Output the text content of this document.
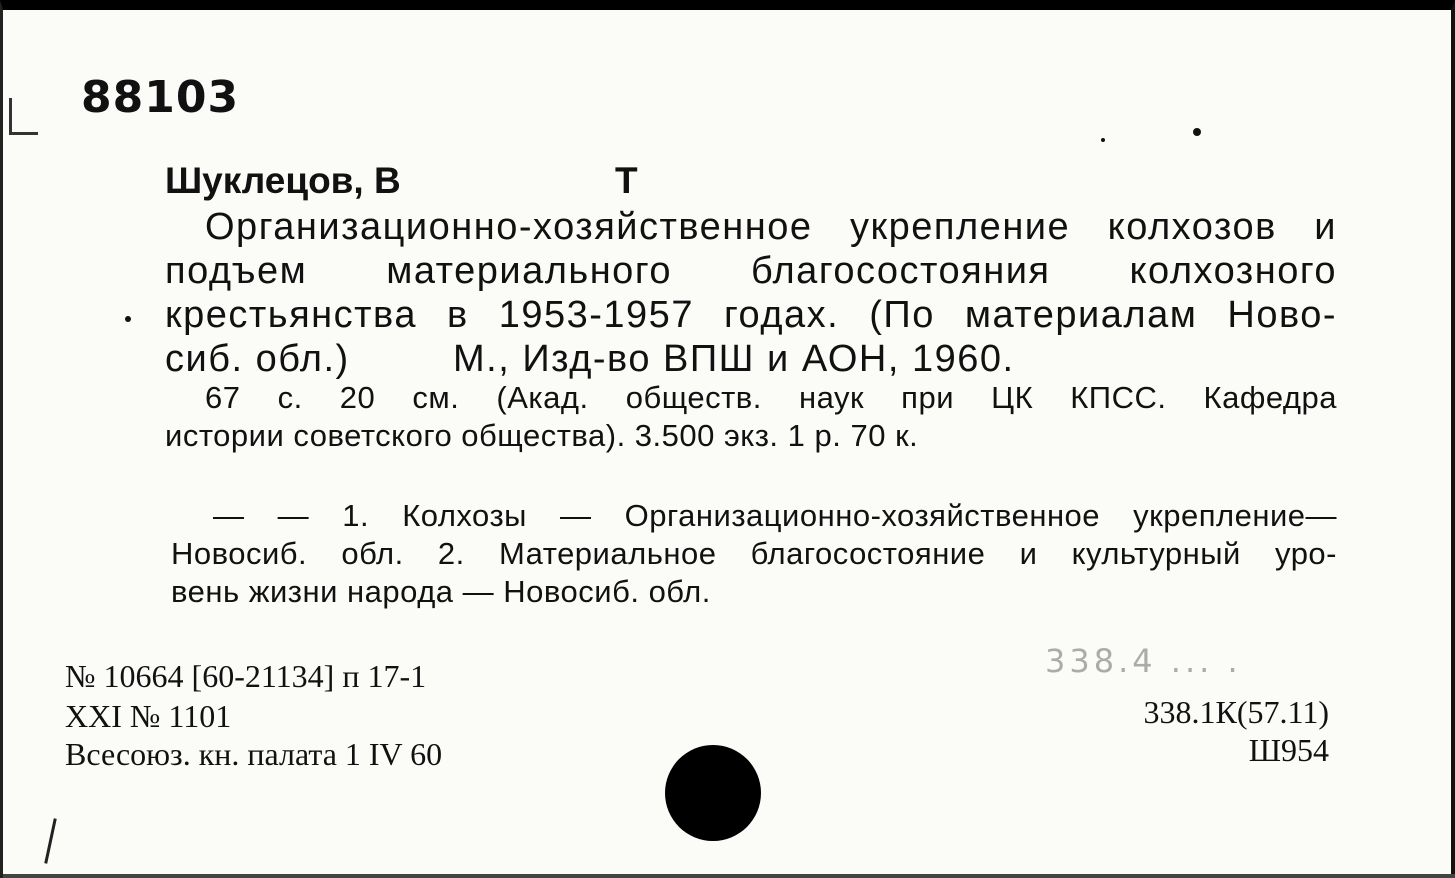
88103
Шуклецов, В	Т
Организационно-хозяйственное укрепление колхозов и
подъем материального благосостояния колхозного
крестьянства в 1953-1957 годах. (По материалам Ново-
сиб. обл.)	М., Изд-во ВПШ и АОН, 1960.
67 с. 20 см. (Акад. обществ. наук при ЦК КПСС. Кафедра
истории советского общества). 3.500 экз. 1 р. 70 к.
— — 1. Колхозы — Организационно-хозяйственное укрепление—
Новосиб. обл. 2. Материальное благосостояние и культурный уро-
вень жизни народа — Новосиб. обл.
338.4 ... .
№ 10664 [60-21134] п 17-1
XXI № 1101
Всесоюз. кн. палата 1 IV 60
338.1К(57.11)
Ш954
